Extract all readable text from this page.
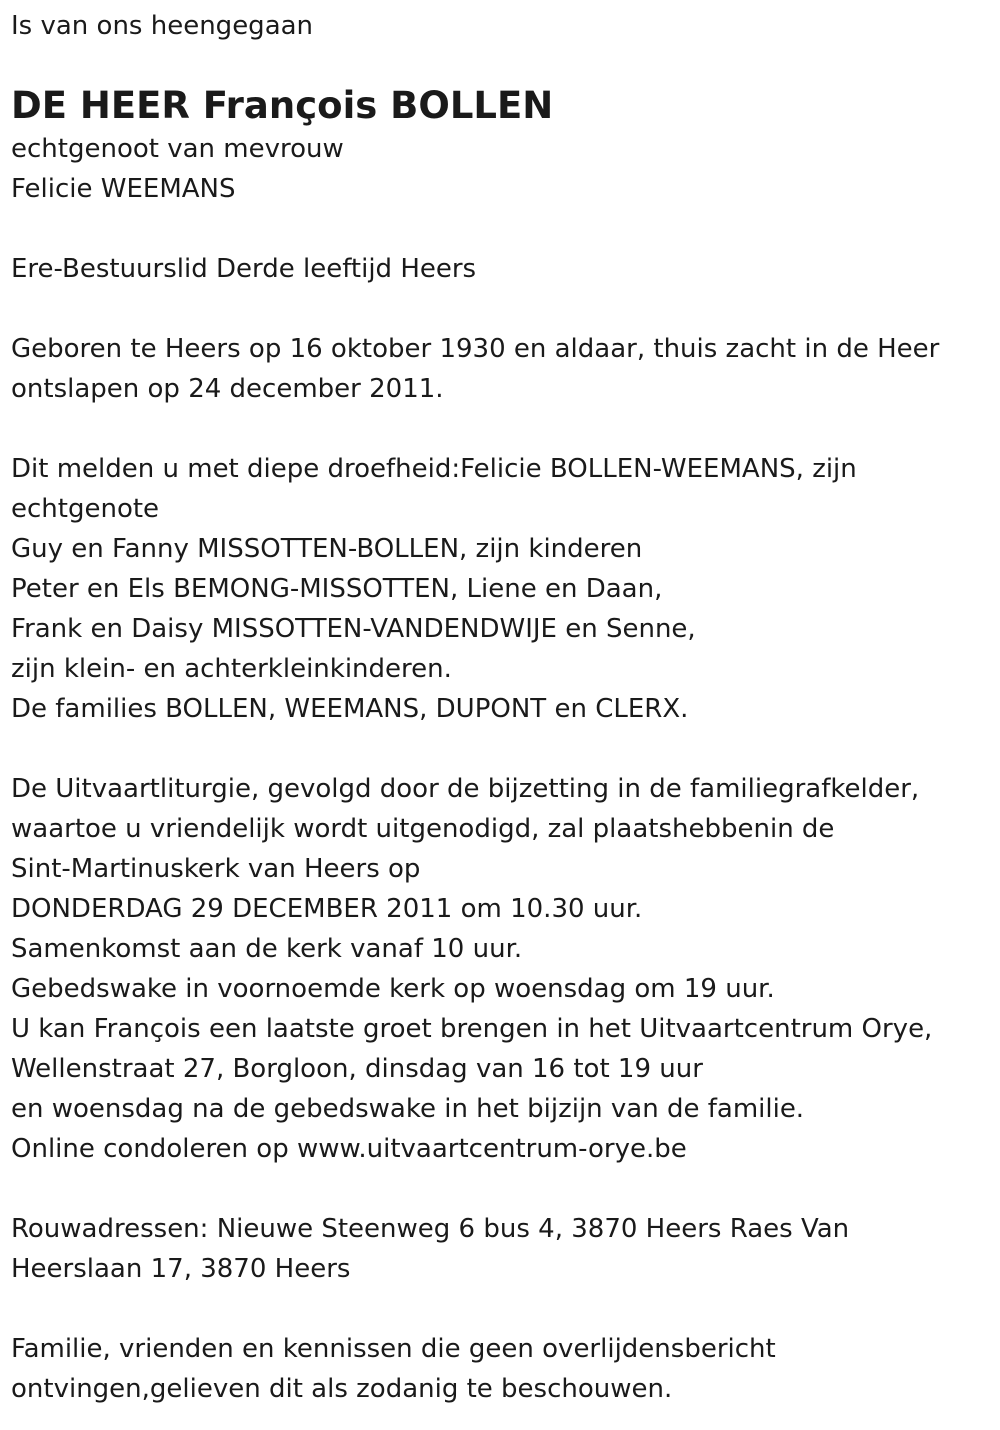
Is van ons heengegaan
DE HEER François BOLLEN
echtgenoot van mevrouw
Felicie WEEMANS
Ere-Bestuurslid Derde leeftijd Heers
Geboren te Heers op 16 oktober 1930 en aldaar, thuis zacht in de Heer
ontslapen op 24 december 2011.
Dit melden u met diepe droefheid:Felicie BOLLEN-WEEMANS, zijn
echtgenote
Guy en Fanny MISSOTTEN-BOLLEN, zijn kinderen
Peter en Els BEMONG-MISSOTTEN, Liene en Daan,
Frank en Daisy MISSOTTEN-VANDENDWIJE en Senne,
zijn klein- en achterkleinkinderen.
De families BOLLEN, WEEMANS, DUPONT en CLERX.
De Uitvaartliturgie, gevolgd door de bijzetting in de familiegrafkelder,
waartoe u vriendelijk wordt uitgenodigd, zal plaatshebbenin de
Sint-Martinuskerk van Heers op
DONDERDAG 29 DECEMBER 2011 om 10.30 uur.
Samenkomst aan de kerk vanaf 10 uur.
Gebedswake in voornoemde kerk op woensdag om 19 uur.
U kan François een laatste groet brengen in het Uitvaartcentrum Orye,
Wellenstraat 27, Borgloon, dinsdag van 16 tot 19 uur
en woensdag na de gebedswake in het bijzijn van de familie.
Online condoleren op www.uitvaartcentrum-orye.be
Rouwadressen: Nieuwe Steenweg 6 bus 4, 3870 Heers Raes Van
Heerslaan 17, 3870 Heers
Familie, vrienden en kennissen die geen overlijdensbericht
ontvingen,gelieven dit als zodanig te beschouwen.
